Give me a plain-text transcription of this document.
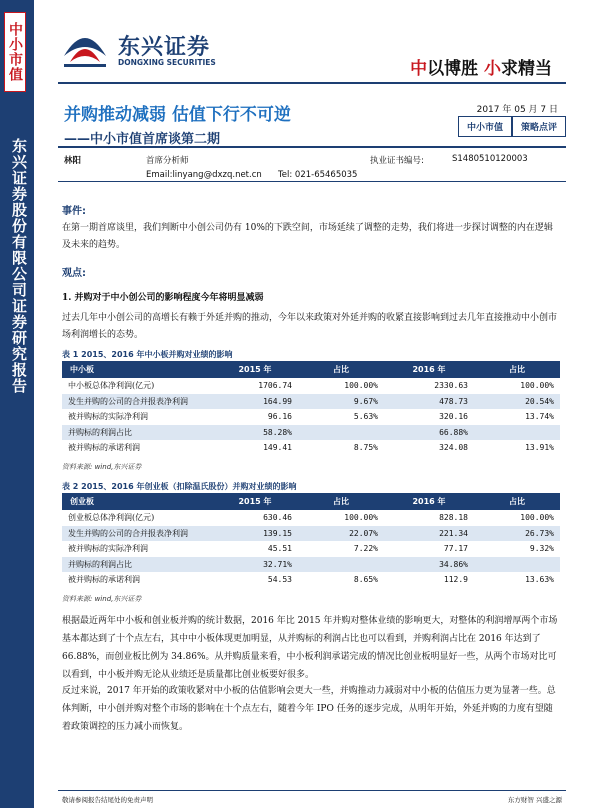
中小市值
东兴证券股份有限公司证券研究报告
东兴证券
DONGXING SECURITIES	中以博胜 小求精当
并购推动减弱 估值下行不可逆
——中小市值首席谈第二期
2017 年 05 月 7 日
中小市值	策略点评
林阳	首席分析师	执业证书编号:	S1480510120003
Email:linyang@dxzq.net.cn Tel: 021-65465035
事件:
在第一期首席谈里，我们判断中小创公司仍有 10%的下跌空间，市场延续了调整的走势，我们将进一步探讨调整的内在逻辑及未来的趋势。
观点:
1. 并购对于中小创公司的影响程度今年将明显减弱
过去几年中小创公司的高增长有赖于外延并购的推动，今年以来政策对外延并购的收紧直接影响到过去几年直接推动中小创市场利润增长的态势。
表 1 2015、2016 年中小板并购对业绩的影响
中小板	2015 年	占比	2016 年	占比
中小板总体净利润(亿元)	1706.74	100.00%	2330.63	100.00%
发生并购的公司的合并报表净利润	164.99	9.67%	478.73	20.54%
被并购标的实际净利润	96.16	5.63%	320.16	13.74%
并购标的利润占比	58.28%		66.88%	
被并购标的承诺利润	149.41	8.75%	324.08	13.91%
资料来源: wind,东兴证券
表 2 2015、2016 年创业板（扣除温氏股份）并购对业绩的影响
创业板	2015 年	占比	2016 年	占比
创业板总体净利润(亿元)	630.46	100.00%	828.18	100.00%
发生并购的公司的合并报表净利润	139.15	22.07%	221.34	26.73%
被并购标的实际净利润	45.51	7.22%	77.17	9.32%
并购标的利润占比	32.71%		34.86%	
被并购标的承诺利润	54.53	8.65%	112.9	13.63%
资料来源: wind,东兴证券
根据最近两年中小板和创业板并购的统计数据，2016 年比 2015 年并购对整体业绩的影响更大，对整体的利润增厚两个市场基本都达到了十个点左右，其中中小板体现更加明显，从并购标的利润占比也可以看到，并购利润占比在 2016 年达到了 66.88%，而创业板比例为 34.86%。从并购质量来看，中小板利润承诺完成的情况比创业板明显好一些，从两个市场对比可以看到，中小板并购无论从业绩还是质量都比创业板要好很多。
反过来说，2017 年开始的政策收紧对中小板的估值影响会更大一些，并购推动力减弱对中小板的估值压力更为显著一些。总体判断，中小创并购对整个市场的影响在十个点左右，随着今年 IPO 任务的逐步完成，从明年开始，外延并购的力度有望随着政策调控的压力减小而恢复。
敬请参阅报告结尾处的免责声明	东方财智 兴盛之源
